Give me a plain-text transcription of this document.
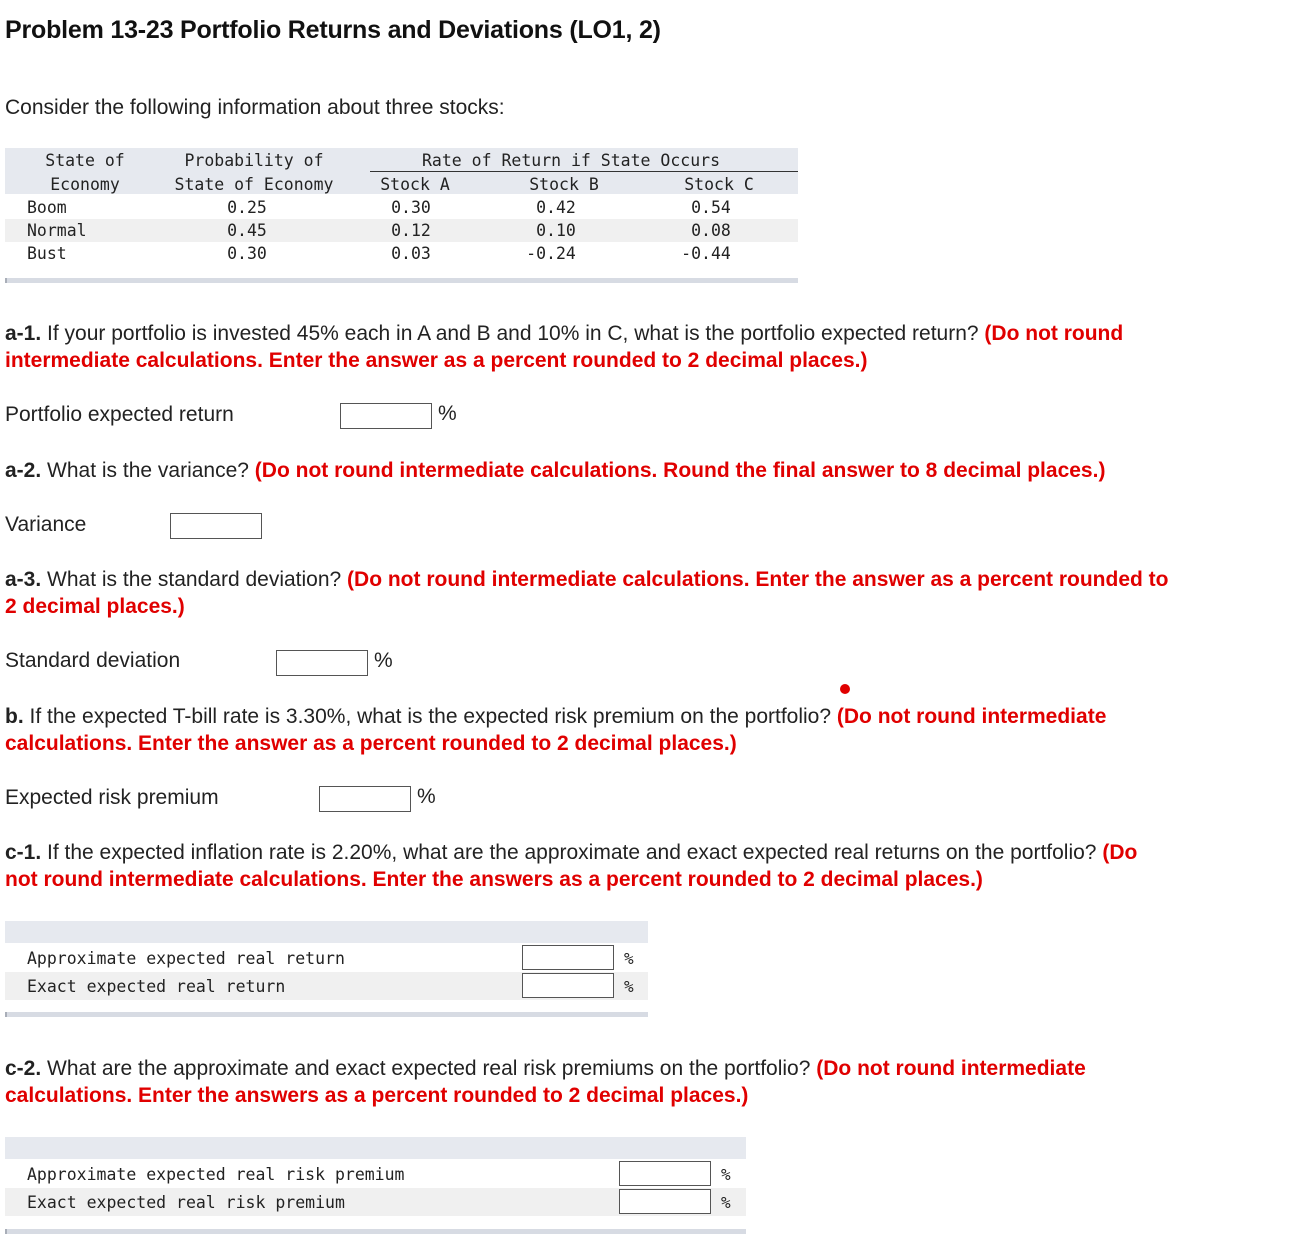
Problem 13-23 Portfolio Returns and Deviations (LO1, 2)
Consider the following information about three stocks:
State of
Economy
Probability of
State of Economy
Rate of Return if State Occurs
Stock A	Stock B	Stock C
Boom	0.25	0.30	0.42	0.54
Normal	0.45	0.12	0.10	0.08
Bust	0.30	0.03	-0.24	-0.44
a-1. If your portfolio is invested 45% each in A and B and 10% in C, what is the portfolio expected return? (Do not round
intermediate calculations. Enter the answer as a percent rounded to 2 decimal places.)
Portfolio expected return	%
a-2. What is the variance? (Do not round intermediate calculations. Round the final answer to 8 decimal places.)
Variance
a-3. What is the standard deviation? (Do not round intermediate calculations. Enter the answer as a percent rounded to
2 decimal places.)
Standard deviation	%
b. If the expected T-bill rate is 3.30%, what is the expected risk premium on the portfolio? (Do not round intermediate
calculations. Enter the answer as a percent rounded to 2 decimal places.)
Expected risk premium	%
c-1. If the expected inflation rate is 2.20%, what are the approximate and exact expected real returns on the portfolio? (Do
not round intermediate calculations. Enter the answers as a percent rounded to 2 decimal places.)
Approximate expected real return	%
Exact expected real return	%
c-2. What are the approximate and exact expected real risk premiums on the portfolio? (Do not round intermediate
calculations. Enter the answers as a percent rounded to 2 decimal places.)
Approximate expected real risk premium	%
Exact expected real risk premium	%
